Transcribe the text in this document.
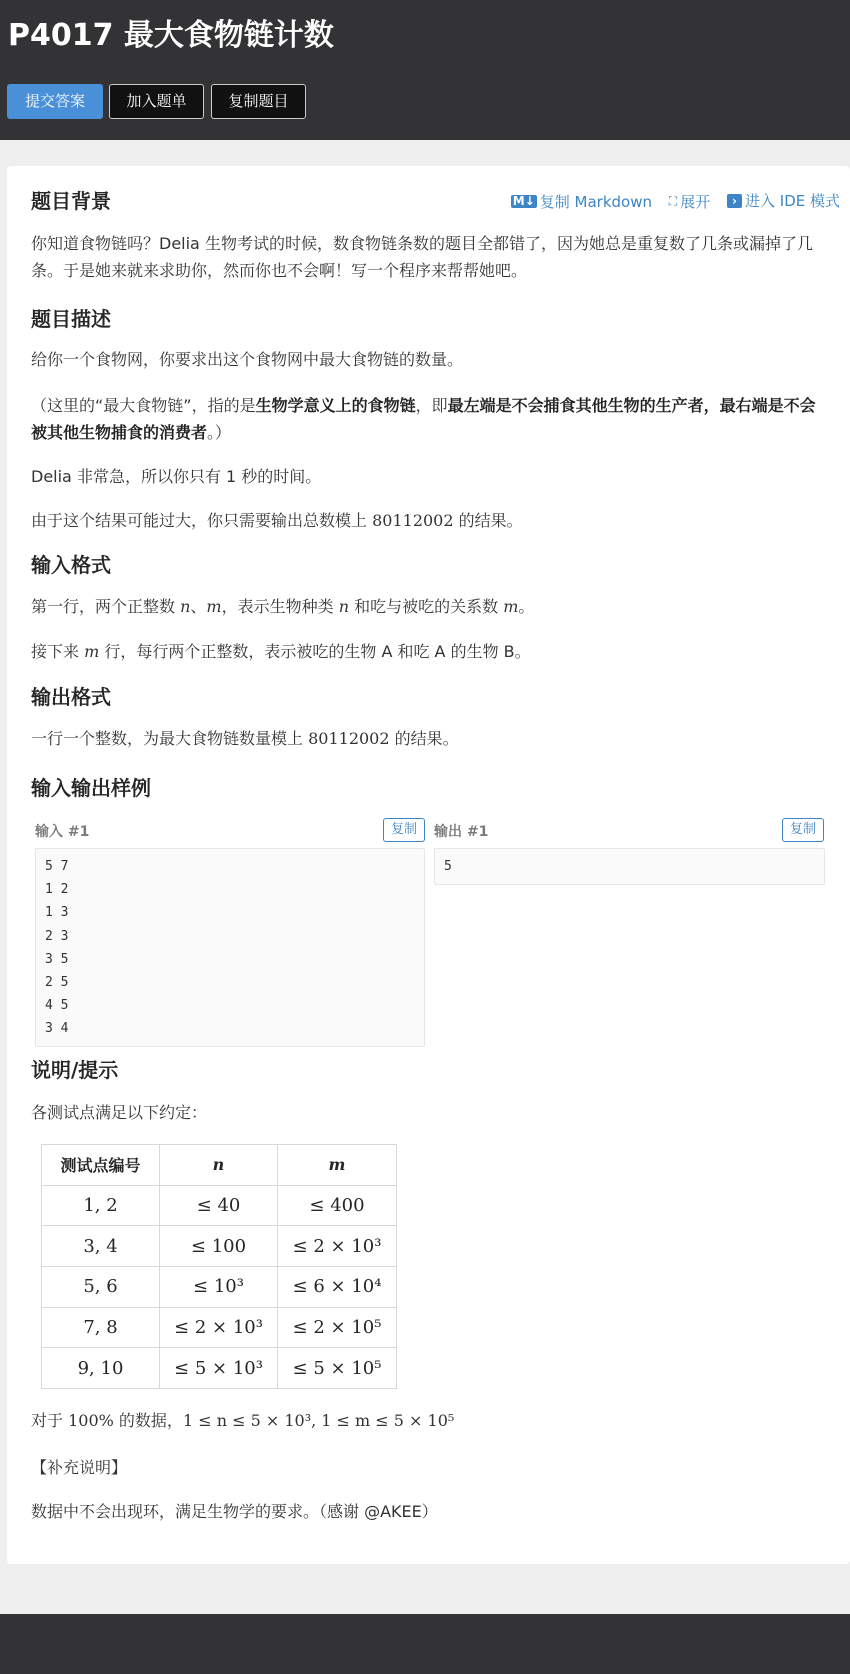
P4017 最大食物链计数
提交答案	加入题单	复制题目
M↓ 复制 Markdown
⛶ 展开
	› 进入 IDE 模式
题目背景

你知道食物链吗？Delia 生物考试的时候，数食物链条数的题目全都错了，因为她总是重复数了几条或漏掉了几条。于是她来就来求助你，然而你也不会啊！写一个程序来帮帮她吧。

题目描述

给你一个食物网，你要求出这个食物网中最大食物链的数量。

（这里的“最大食物链”，指的是生物学意义上的食物链，即最左端是不会捕食其他生物的生产者，最右端是不会被其他生物捕食的消费者。）

Delia 非常急，所以你只有 1 秒的时间。

由于这个结果可能过大，你只需要输出总数模上 80112002 的结果。

输入格式

第一行，两个正整数 n、m，表示生物种类 n 和吃与被吃的关系数 m。

接下来 m 行，每行两个正整数，表示被吃的生物 A 和吃 A 的生物 B。

输出格式

一行一个整数，为最大食物链数量模上 80112002 的结果。

输入输出样例
输入 #1	复制
5 7
1 2
1 3
2 3
3 5
2 5
4 5
3 4
输出 #1	复制
5
说明/提示

各测试点满足以下约定：

测试点编号	n	m
1, 2	≤ 40	≤ 400
3, 4	≤ 100	≤ 2 × 10³
5, 6	≤ 10³	≤ 6 × 10⁴
7, 8	≤ 2 × 10³	≤ 2 × 10⁵
9, 10	≤ 5 × 10³	≤ 5 × 10⁵

对于 100% 的数据，1 ≤ n ≤ 5 × 10³, 1 ≤ m ≤ 5 × 10⁵

【补充说明】

数据中不会出现环，满足生物学的要求。（感谢 @AKEE）
